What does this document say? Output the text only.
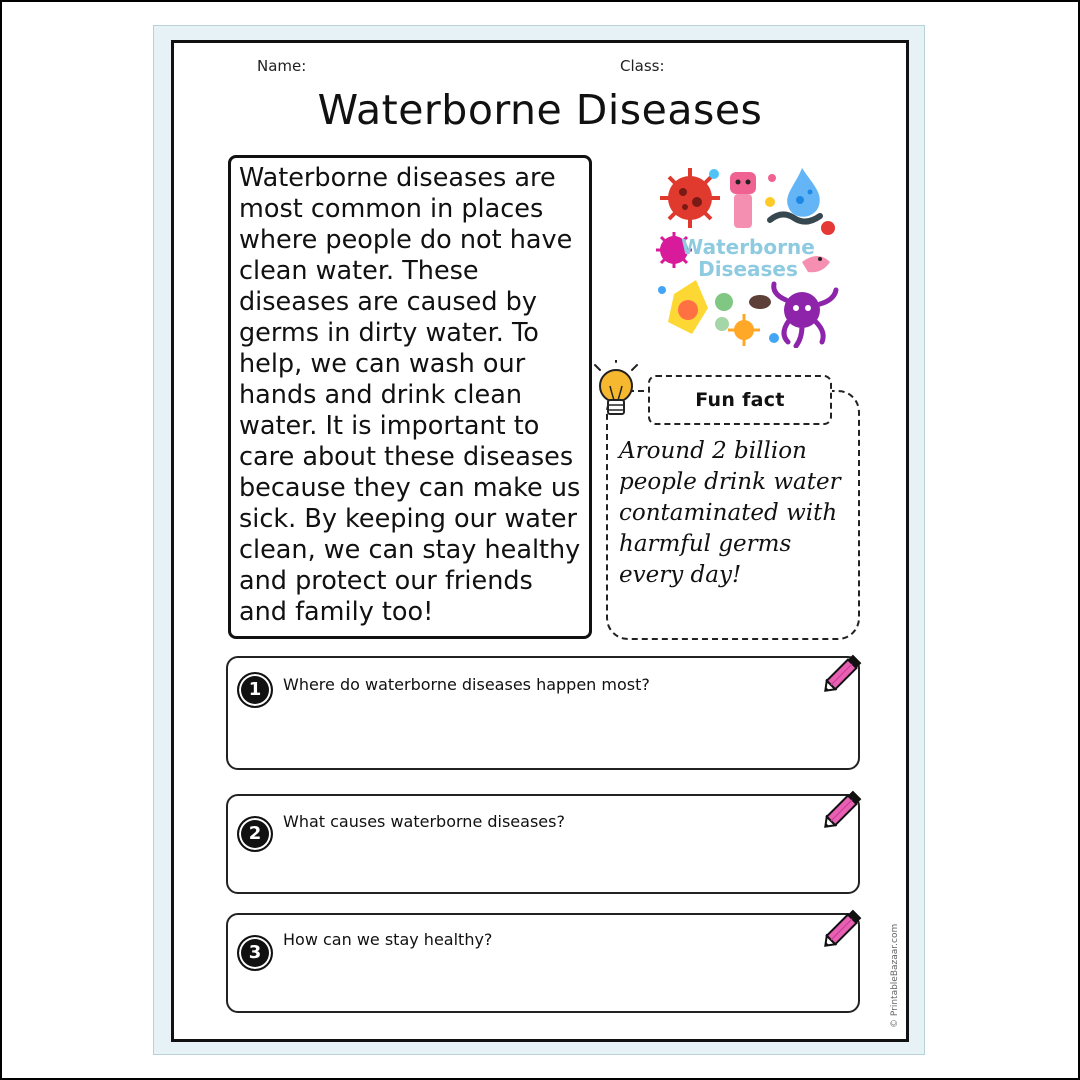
Name:	Class:
Waterborne Diseases
Waterborne diseases are
most common in places
where people do not have
clean water. These
diseases are caused by
germs in dirty water. To
help, we can wash our
hands and drink clean
water. It is important to
care about these diseases
because they can make us
sick. By keeping our water
clean, we can stay healthy
and protect our friends
and family too!
Waterborne
Diseases
Fun fact
Around 2 billion
people drink water
contaminated with
harmful germs
every day!
1	Where do waterborne diseases happen most?
2
What causes waterborne diseases?
3
How can we stay healthy?	© PrintableBazaar.com
